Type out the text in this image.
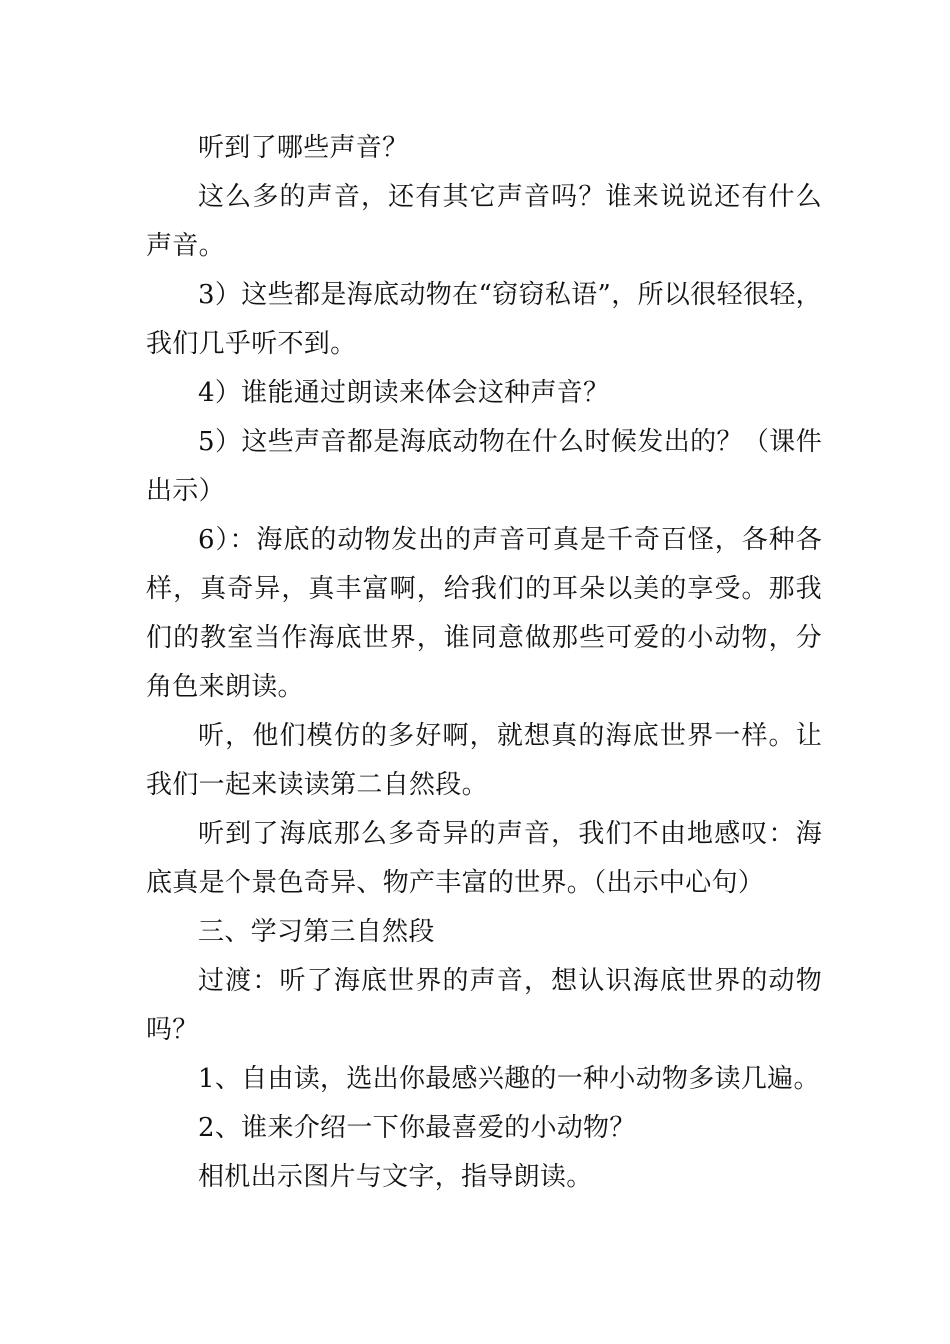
听到了哪些声音？

这么多的声音，还有其它声音吗？谁来说说还有什么声音。

3）这些都是海底动物在“窃窃私语”，所以很轻很轻，我们几乎听不到。

4）谁能通过朗读来体会这种声音？

5）这些声音都是海底动物在什么时候发出的？（课件出示）

6）：海底的动物发出的声音可真是千奇百怪，各种各样，真奇异，真丰富啊，给我们的耳朵以美的享受。那我们的教室当作海底世界，谁同意做那些可爱的小动物，分角色来朗读。

听，他们模仿的多好啊，就想真的海底世界一样。让我们一起来读读第二自然段。

听到了海底那么多奇异的声音，我们不由地感叹：海底真是个景色奇异、物产丰富的世界。（出示中心句）

三、学习第三自然段

过渡：听了海底世界的声音，想认识海底世界的动物吗？

1、自由读，选出你最感兴趣的一种小动物多读几遍。

2、谁来介绍一下你最喜爱的小动物？

相机出示图片与文字，指导朗读。
